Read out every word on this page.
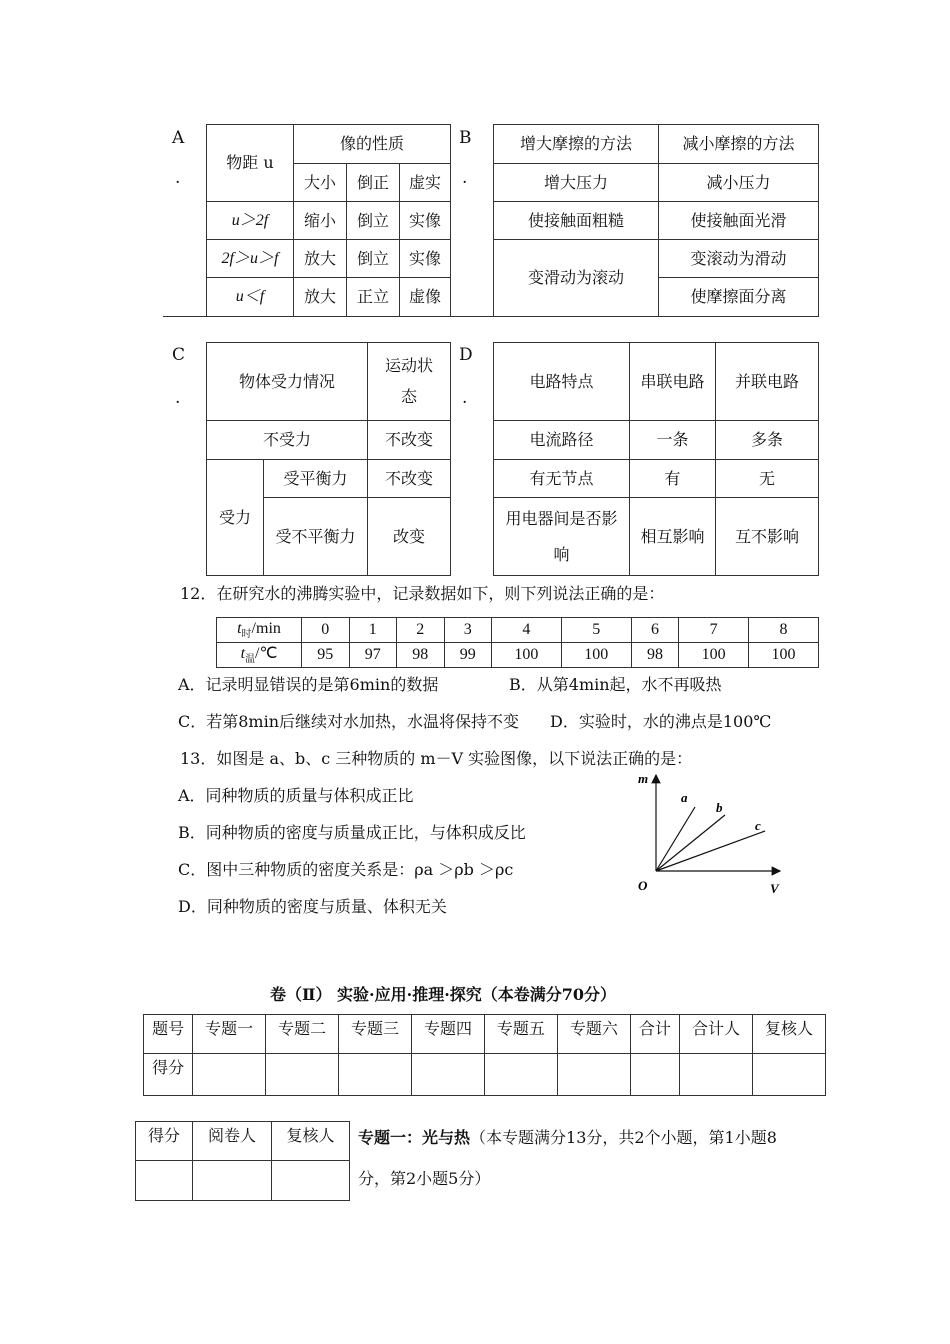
A
.
物距 u	像的性质		
	大小	倒正	虚实
u＞2f	缩小	倒立	实像
2f＞u＞f	放大	倒立	实像
u＜f	放大	正立	虚像
B
.
增大摩擦的方法	减小摩擦的方法
增大压力	减小压力
使接触面粗糙	使接触面光滑
变滑动为滚动	变滚动为滑动
	使摩擦面分离
C
.
物体受力情况		运动状
态
不受力		不改变
受力	受平衡力	不改变
	受不平衡力	改变
D
.
电路特点	串联电路	并联电路
电流路径	一条	多条
有无节点	有	无
用电器间是否影
响	相互影响	互不影响
12．在研究水的沸腾实验中，记录数据如下，则下列说法正确的是：
$t_时/\min$	0	1	2	3	4	5	6	7	8
$t_温/℃$	95	97	98	99	100	100	98	100	100
A．记录明显错误的是第6min的数据	B．从第4min起，水不再吸热
C．若第8min后继续对水加热，水温将保持不变 D．实验时，水的沸点是100℃
13．如图是 a、b、c 三种物质的 m－V 实验图像，以下说法正确的是：
A．同种物质的质量与体积成正比
B．同种物质的密度与质量成正比，与体积成反比
C．图中三种物质的密度关系是：ρa ＞ρb ＞ρc
D．同种物质的密度与质量、体积无关
m
V
O
a
b
c
卷（Ⅱ） 实验·应用·推理·探究（本卷满分70分）
题号	专题一	专题二	专题三	专题四	专题五	专题六	合计	合计人	复核人
得分									
得分	阅卷人	复核人
		专题一：光与热（本专题满分13分，共2个小题，第1小题8
分，第2小题5分）
